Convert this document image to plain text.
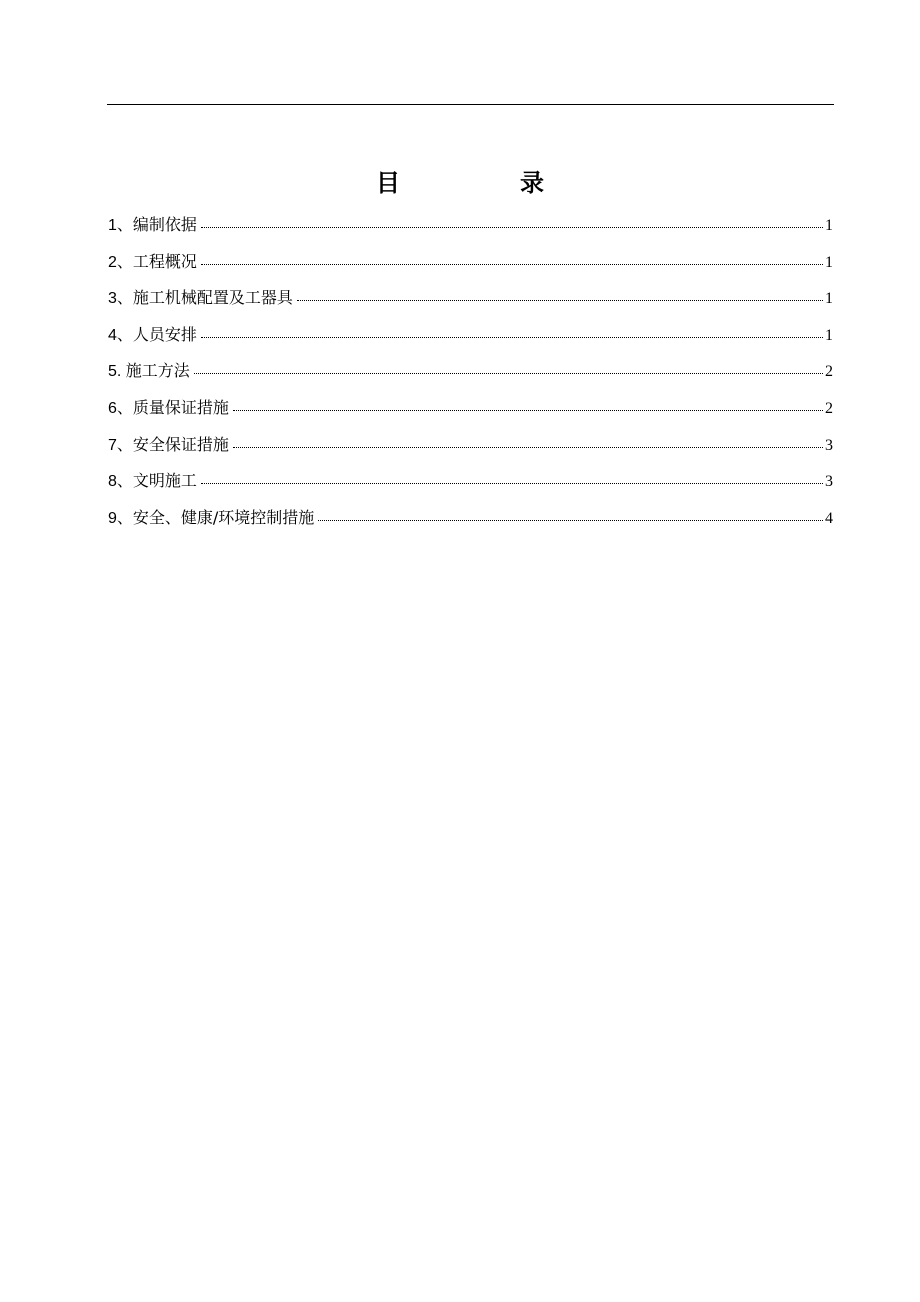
目　录
1、 编制依据	1
2、 工程概况	1
3、 施工机械配置及工器具	1
4、 人员安排	1
5. 施工方法	2
6、 质量保证措施	2
7、 安全保证措施	3
8、 文明施工	3
9、 安全、健康/环境控制措施	4
